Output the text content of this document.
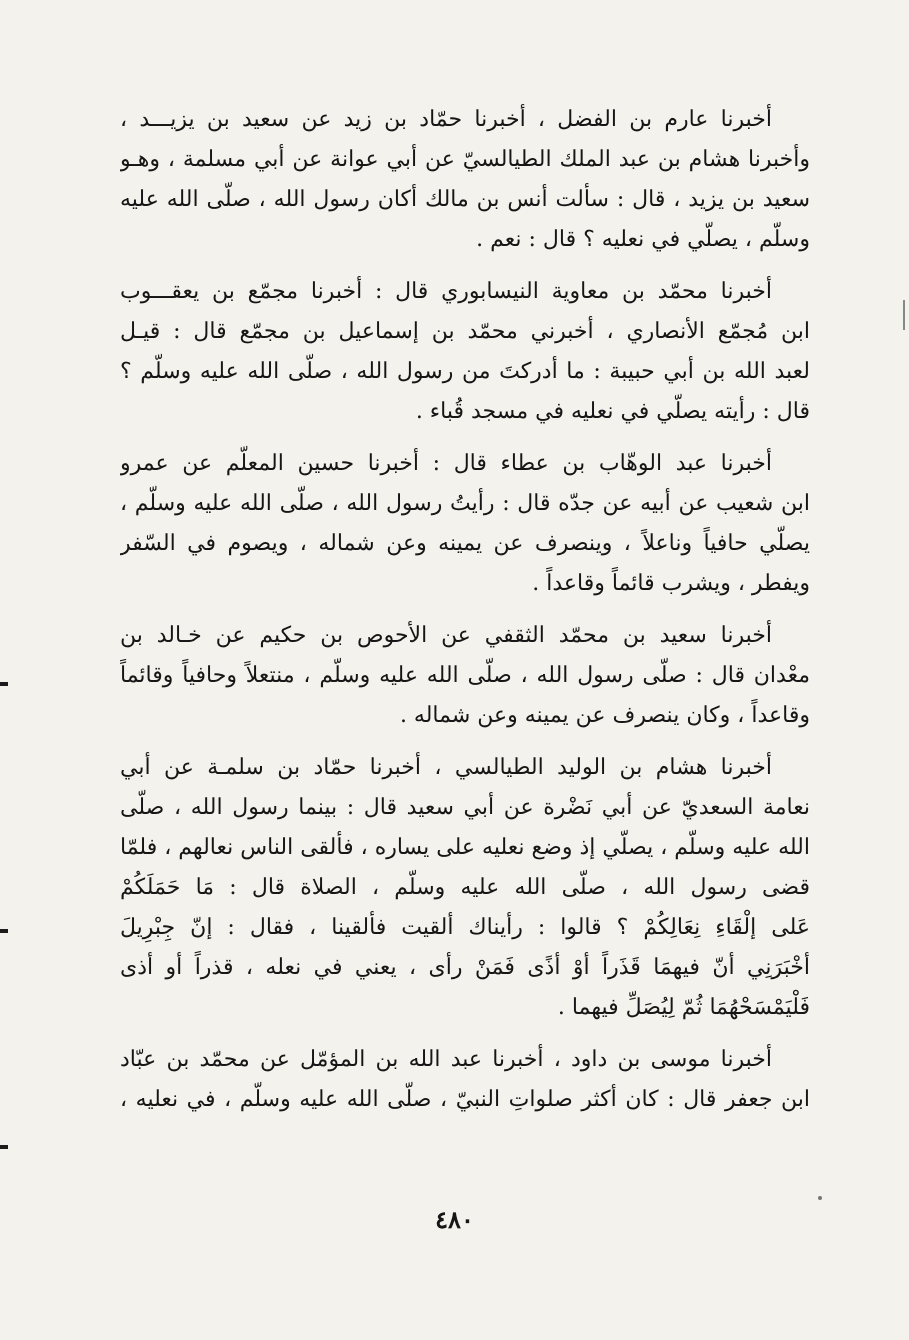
أخبرنا عارم بن الفضل ، أخبرنا حمّاد بن زيد عن سعيد بن يزيـــد ،
وأخبرنا هشام بن عبد الملك الطيالسيّ عن أبي عوانة عن أبي مسلمة ، وهـو
سعيد بن يزيد ، قال : سألت أنس بن مالك أكان رسول الله ، صلّى الله عليه
وسلّم ، يصلّي في نعليه ؟ قال : نعم .
أخبرنا محمّد بن معاوية النيسابوري قال : أخبرنا مجمّع بن يعقـــوب
ابن مُجمّع الأنصاري ، أخبرني محمّد بن إسماعيل بن مجمّع قال : قيـل
لعبد الله بن أبي حبيبة : ما أدركتَ من رسول الله ، صلّى الله عليه وسلّم ؟
قال : رأيته يصلّي في نعليه في مسجد قُباء .
أخبرنا عبد الوهّاب بن عطاء قال : أخبرنا حسين المعلّم عن عمرو
ابن شعيب عن أبيه عن جدّه قال : رأيتُ رسول الله ، صلّى الله عليه وسلّم ،
يصلّي حافياً وناعلاً ، وينصرف عن يمينه وعن شماله ، ويصوم في السّفر
ويفطر ، ويشرب قائماً وقاعداً .
أخبرنا سعيد بن محمّد الثقفي عن الأحوص بن حكيم عن خـالد بن
معْدان قال : صلّى رسول الله ، صلّى الله عليه وسلّم ، منتعلاً وحافياً وقائماً
وقاعداً ، وكان ينصرف عن يمينه وعن شماله .
أخبرنا هشام بن الوليد الطيالسي ، أخبرنا حمّاد بن سلمـة عن أبي
نعامة السعديّ عن أبي نَضْرة عن أبي سعيد قال : بينما رسول الله ، صلّى
الله عليه وسلّم ، يصلّي إذ وضع نعليه على يساره ، فألقى الناس نعالهم ، فلمّا
قضى رسول الله ، صلّى الله عليه وسلّم ، الصلاة قال : مَا حَمَلَكُمْ
عَلى إلْقَاءِ نِعَالِكُمْ ؟ قالوا : رأيناك ألقيت فألقينا ، فقال : إنّ جِبْرِيلَ
أخْبَرَنِي أنّ فيهمَا قَذَراً أوْ أذًى فَمَنْ رأى ، يعني في نعله ، قذراً أو أذى
فَلْيَمْسَحْهُمَا ثُمّ لِيُصَلِّ فيهما .
أخبرنا موسى بن داود ، أخبرنا عبد الله بن المؤمّل عن محمّد بن عبّاد
ابن جعفر قال : كان أكثر صلواتِ النبيّ ، صلّى الله عليه وسلّم ، في نعليه ،
٤٨٠
